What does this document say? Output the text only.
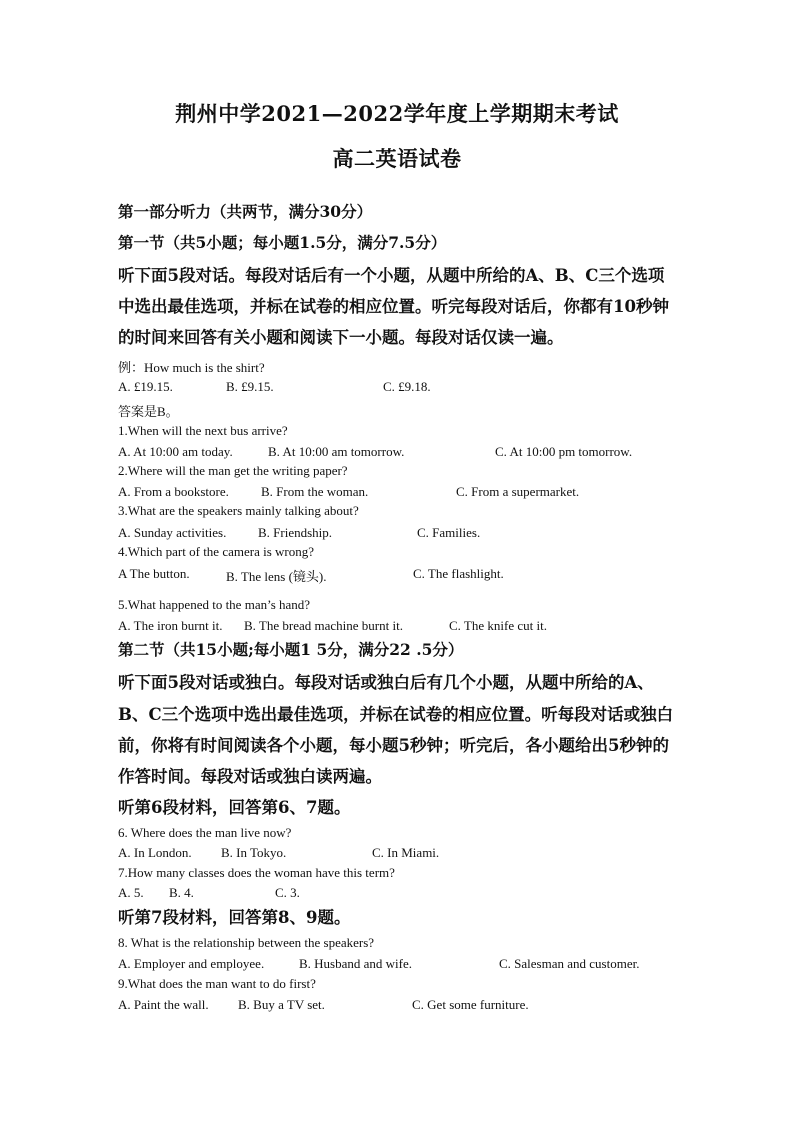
荆州中学2021—2022学年度上学期期末考试
高二英语试卷
第一部分听力（共两节，满分30分）
第一节（共5小题；每小题1.5分，满分7.5分）
听下面5段对话。每段对话后有一个小题，从题中所给的A、B、C三个选项
中选出最佳选项，并标在试卷的相应位置。听完每段对话后，你都有10秒钟
的时间来回答有关小题和阅读下一小题。每段对话仅读一遍。
例：How much is the shirt?
A. £19.15.	B. £9.15.	C. £9.18.
答案是B。
1.When will the next bus arrive?
A. At 10:00 am today.	B. At 10:00 am tomorrow.	C. At 10:00 pm tomorrow.
2.Where will the man get the writing paper?
A. From a bookstore. B. From the woman.	C. From a supermarket.
3.What are the speakers mainly talking about?
A. Sunday activities. B. Friendship.	C. Families.
4.Which part of the camera is wrong?
A The button.	B. The lens (镜头).	C. The flashlight.
5.What happened to the man’s hand?
A. The iron burnt it. B. The bread machine burnt it.	C. The knife cut it.
第二节（共15小题;每小题1 5分，满分22 .5分）
听下面5段对话或独白。每段对话或独白后有几个小题，从题中所给的A、
B、C三个选项中选出最佳选项，并标在试卷的相应位置。听每段对话或独白
前，你将有时间阅读各个小题，每小题5秒钟；听完后，各小题给出5秒钟的
作答时间。每段对话或独白读两遍。
听第6段材料，回答第6、7题。
6. Where does the man live now?
A. In London. B. In Tokyo.	C. In Miami.
7.How many classes does the woman have this term?
A. 5. B. 4.	C. 3.
听第7段材料，回答第8、9题。
8. What is the relationship between the speakers?
A. Employer and employee.	B. Husband and wife.	C. Salesman and customer.
9.What does the man want to do first?
A. Paint the wall. B. Buy a TV set.	C. Get some furniture.
